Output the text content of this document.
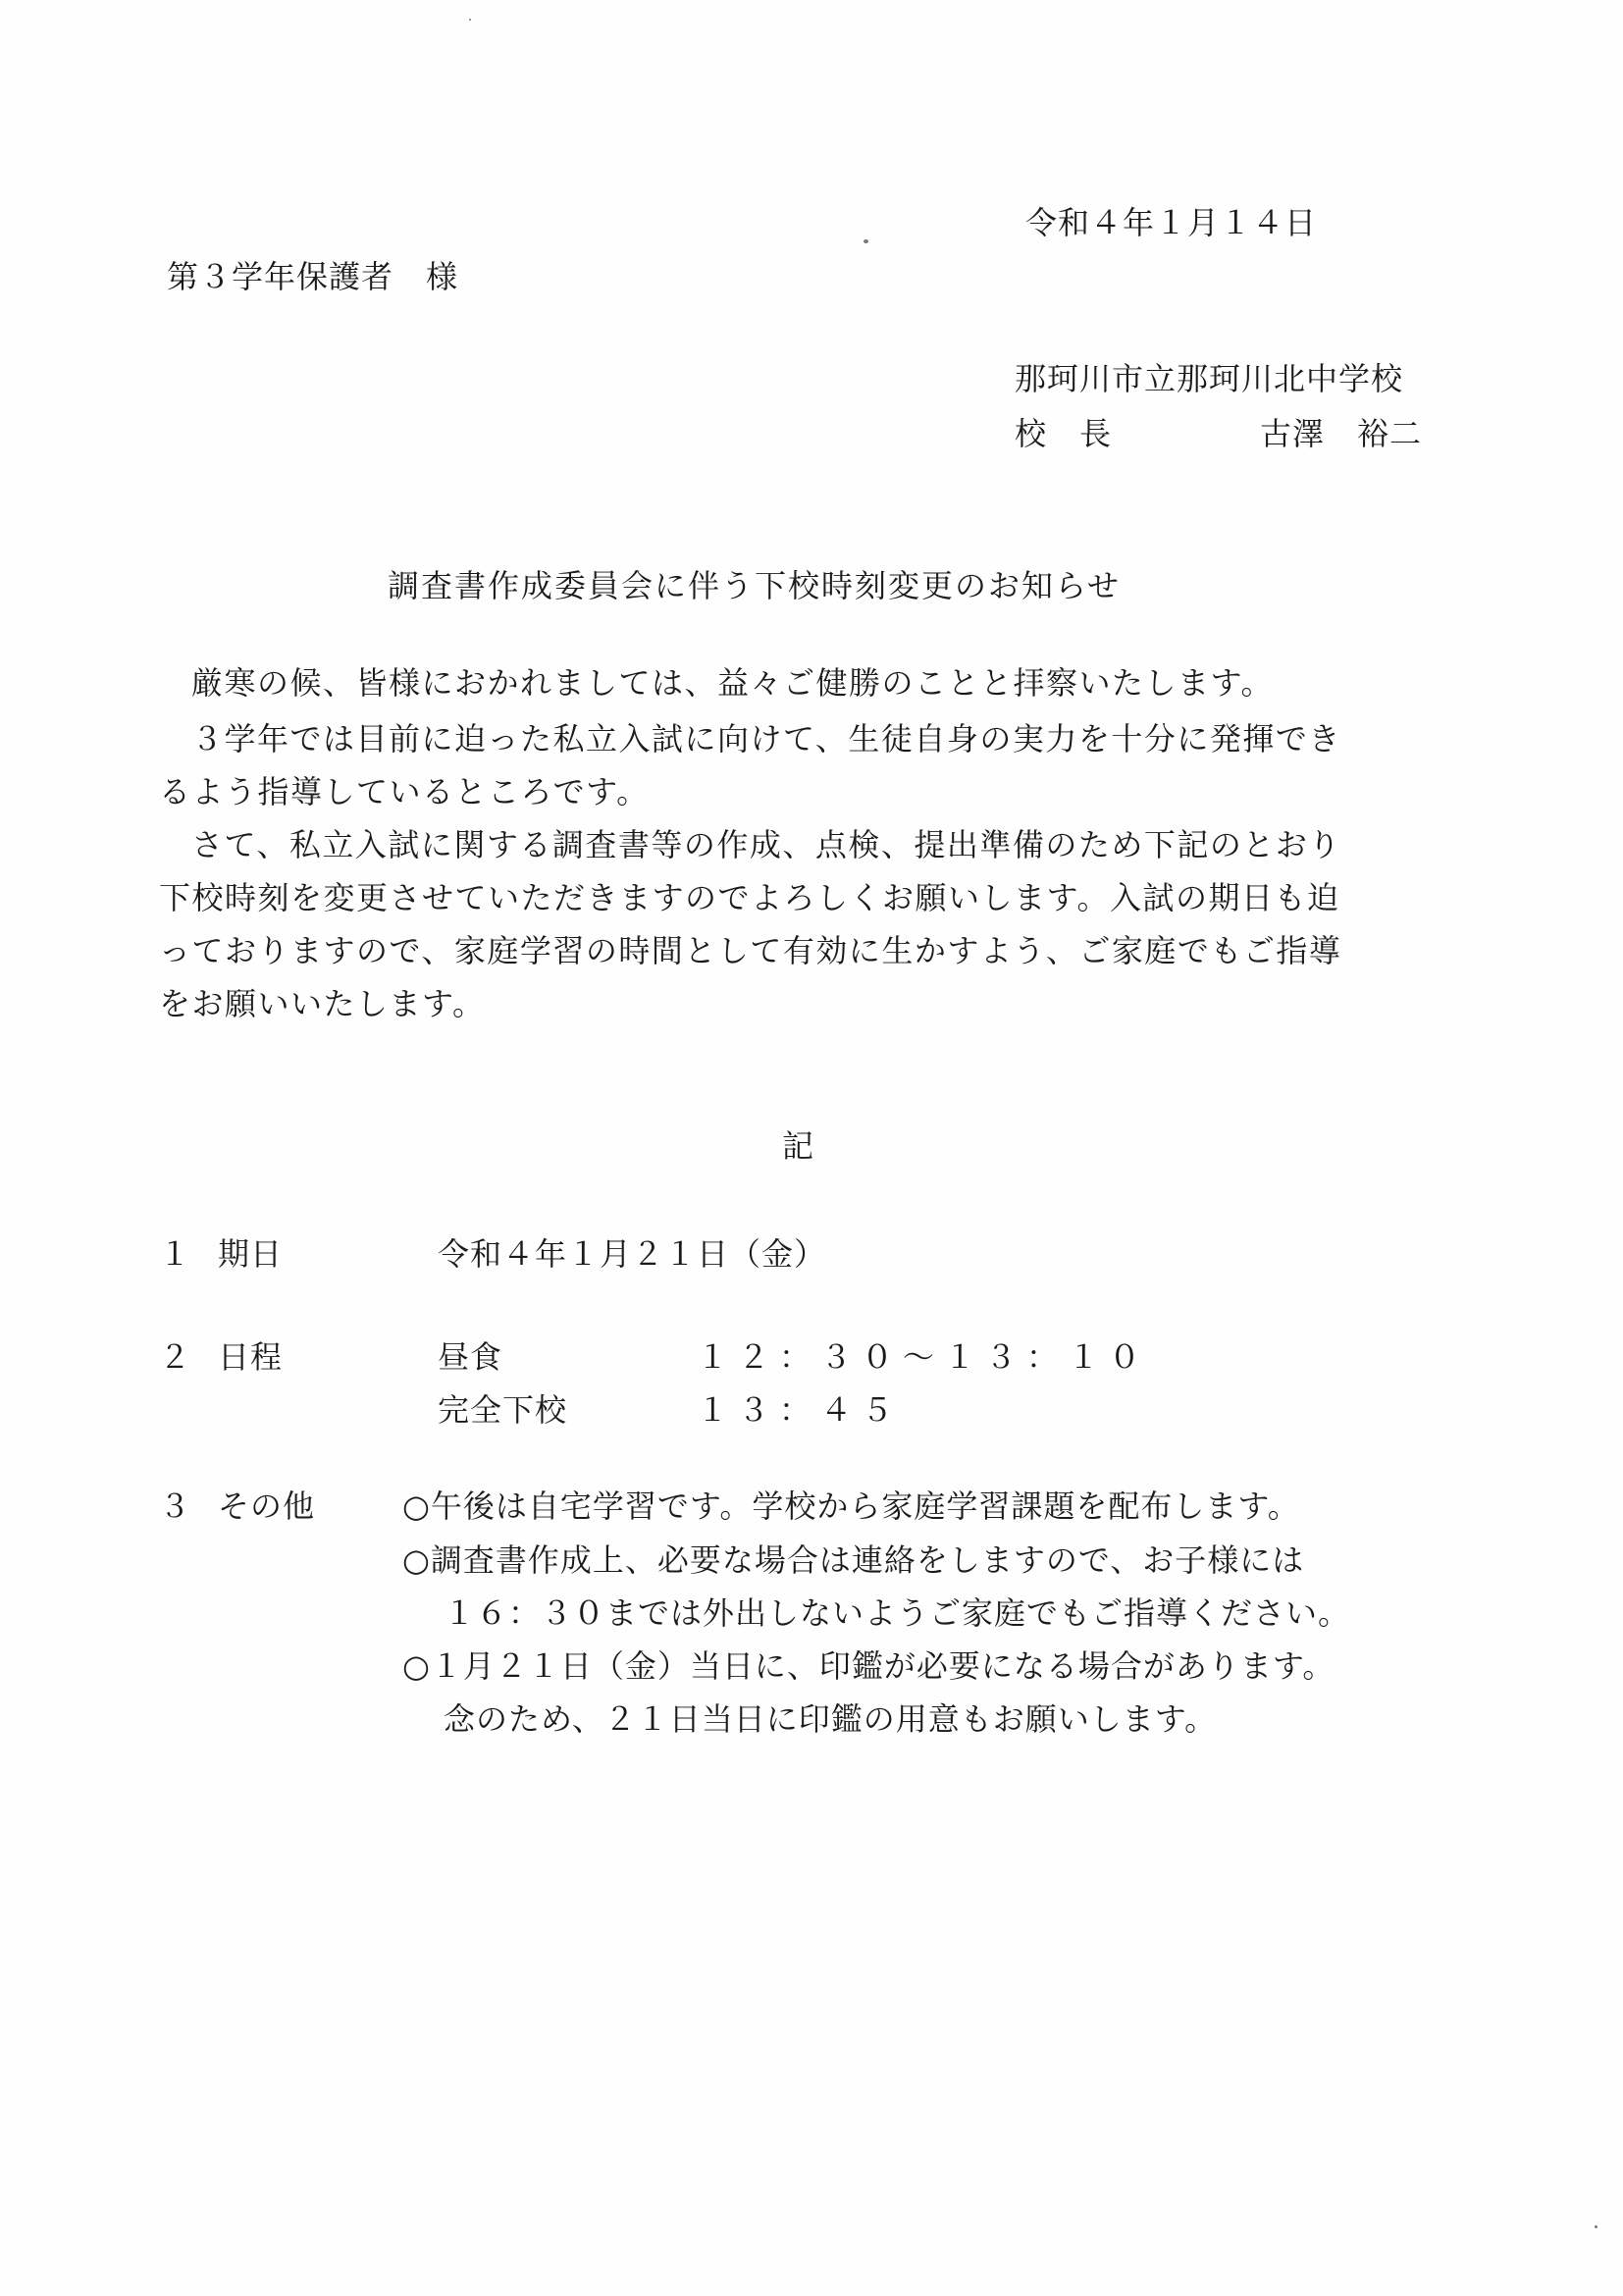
令和４年１月１４日
第３学年保護者　様
那珂川市立那珂川北中学校
校　長	古澤　裕二
調査書作成委員会に伴う下校時刻変更のお知らせ
厳寒の候、皆様におかれましては、益々ご健勝のことと拝察いたします。
３学年では目前に迫った私立入試に向けて、生徒自身の実力を十分に発揮でき
るよう指導しているところです。
さて、私立入試に関する調査書等の作成、点検、提出準備のため下記のとおり
下校時刻を変更させていただきますのでよろしくお願いします。入試の期日も迫
っておりますので、家庭学習の時間として有効に生かすよう、ご家庭でもご指導
をお願いいたします。
記
１ 期日	令和４年１月２１日（金）
２ 日程	昼食	１２：３０～１３：１０
完全下校	１３：４５
３ その他	○午後は自宅学習です。学校から家庭学習課題を配布します。
○調査書作成上、必要な場合は連絡をしますので、お子様には
１６：３０までは外出しないようご家庭でもご指導ください。
○１月２１日（金）当日に、印鑑が必要になる場合があります。
念のため、２１日当日に印鑑の用意もお願いします。
